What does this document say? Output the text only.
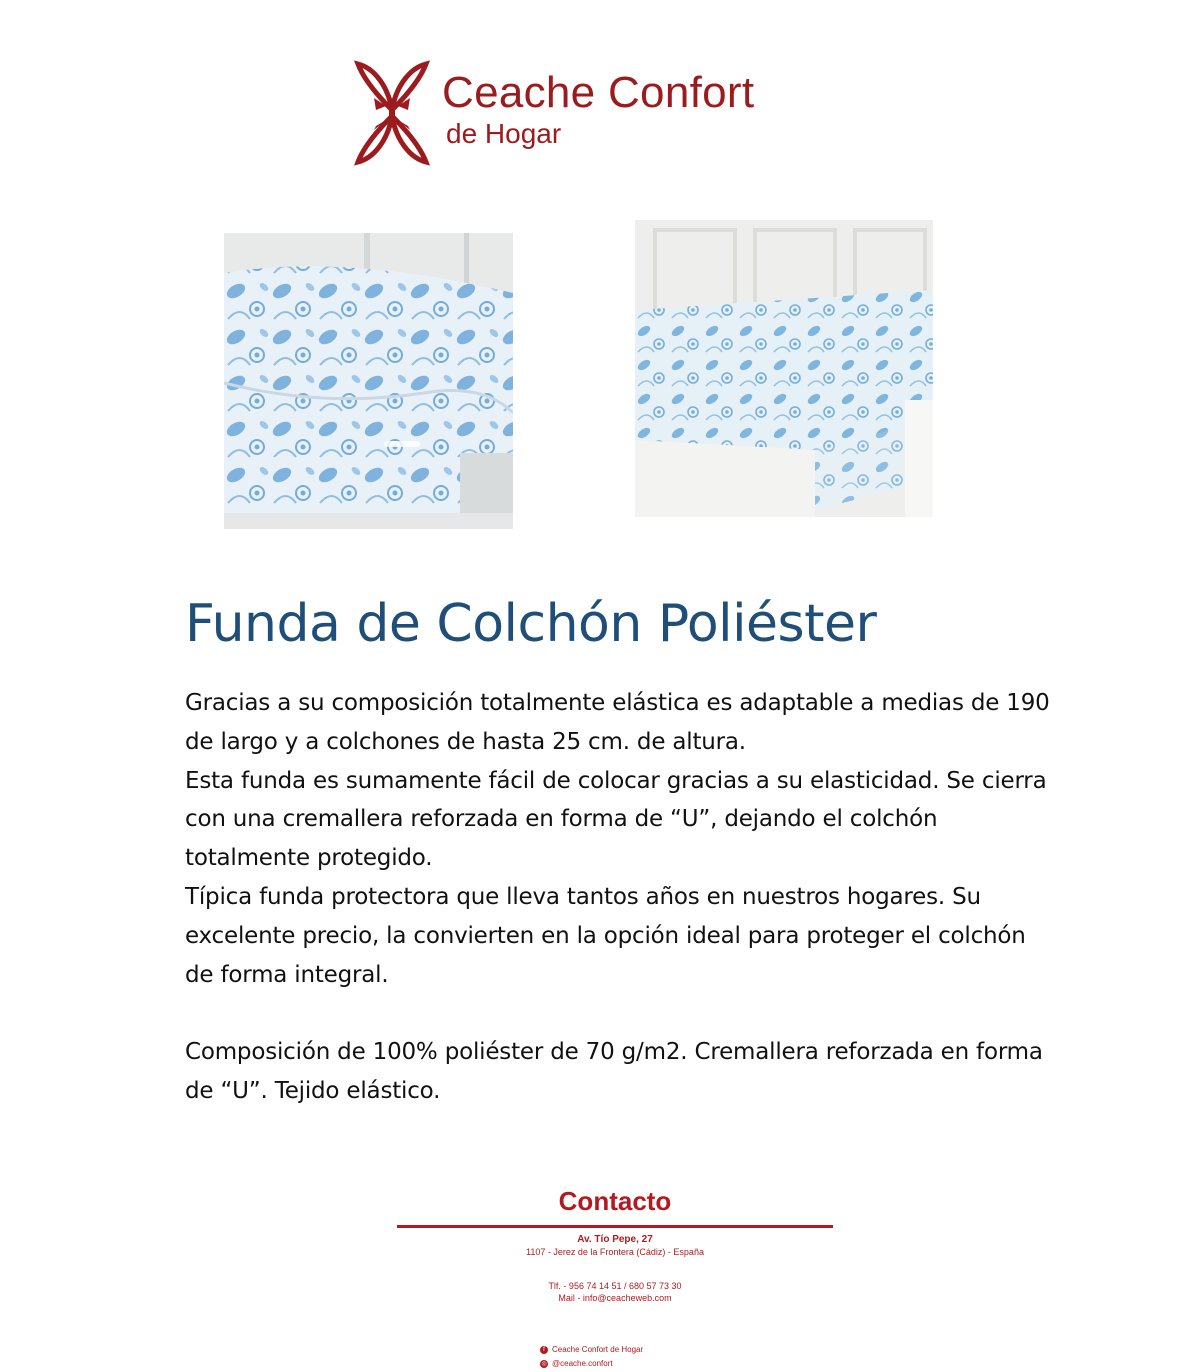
Ceache Confort
de Hogar
Funda de Colchón Poliéster

Gracias a su composición totalmente elástica es adaptable a medias de 190 de largo y a colchones de hasta 25 cm. de altura.

Esta funda es sumamente fácil de colocar gracias a su elasticidad. Se cierra con una cremallera reforzada en forma de “U”, dejando el colchón totalmente protegido.

Típica funda protectora que lleva tantos años en nuestros hogares. Su excelente precio, la convierten en la opción ideal para proteger el colchón de forma integral.

Composición de 100% poliéster de 70 g/m2. Cremallera reforzada en forma de “U”. Tejido elástico.

Contacto
Av. Tío Pepe, 27
1107 - Jerez de la Frontera (Cádiz) - España
Tlf. - 956 74 14 51 / 680 57 73 30
Mail - info@ceacheweb.com
f Ceache Confort de Hogar
◎ @ceache.confort
